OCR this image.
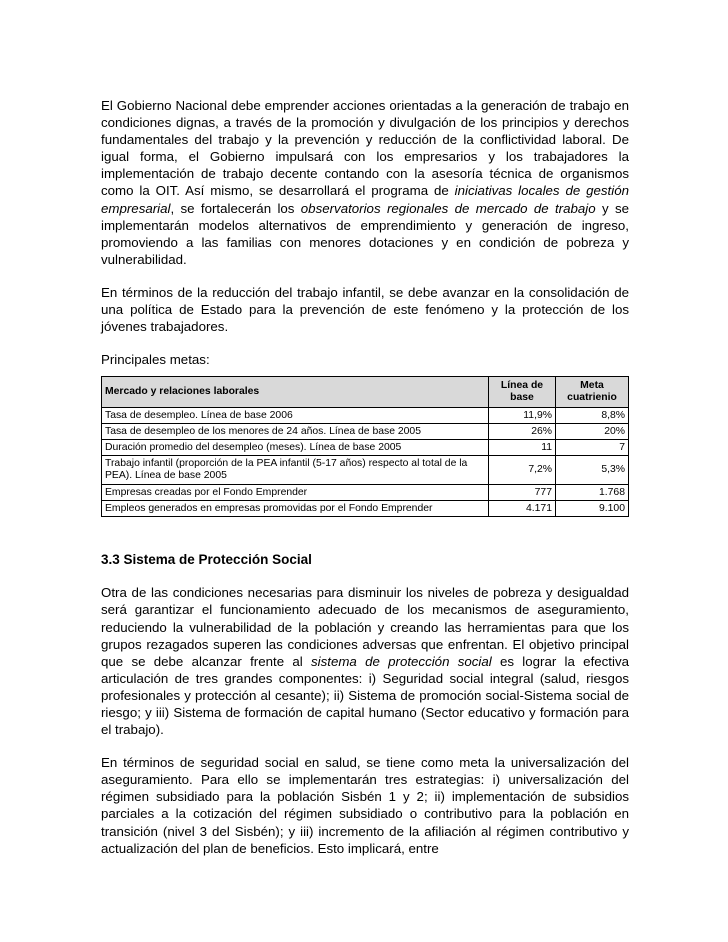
El Gobierno Nacional debe emprender acciones orientadas a la generación de trabajo en condiciones dignas, a través de la promoción y divulgación de los principios y derechos fundamentales del trabajo y la prevención y reducción de la conflictividad laboral. De igual forma, el Gobierno impulsará con los empresarios y los trabajadores la implementación de trabajo decente contando con la asesoría técnica de organismos como la OIT. Así mismo, se desarrollará el programa de iniciativas locales de gestión empresarial, se fortalecerán los observatorios regionales de mercado de trabajo y se implementarán modelos alternativos de emprendimiento y generación de ingreso, promoviendo a las familias con menores dotaciones y en condición de pobreza y vulnerabilidad.

En términos de la reducción del trabajo infantil, se debe avanzar en la consolidación de una política de Estado para la prevención de este fenómeno y la protección de los jóvenes trabajadores.

Principales metas:

Mercado y relaciones laborales	Línea de base	Meta cuatrienio
Tasa de desempleo. Línea de base 2006	11,9%	8,8%
Tasa de desempleo de los menores de 24 años. Línea de base 2005	26%	20%
Duración promedio del desempleo (meses). Línea de base 2005	11	7
Trabajo infantil (proporción de la PEA infantil (5-17 años) respecto al total de la PEA). Línea de base 2005	7,2%	5,3%
Empresas creadas por el Fondo Emprender	777	1.768
Empleos generados en empresas promovidas por el Fondo Emprender	4.171	9.100
3.3 Sistema de Protección Social

Otra de las condiciones necesarias para disminuir los niveles de pobreza y desigualdad será garantizar el funcionamiento adecuado de los mecanismos de aseguramiento, reduciendo la vulnerabilidad de la población y creando las herramientas para que los grupos rezagados superen las condiciones adversas que enfrentan. El objetivo principal que se debe alcanzar frente al sistema de protección social es lograr la efectiva articulación de tres grandes componentes: i) Seguridad social integral (salud, riesgos profesionales y protección al cesante); ii) Sistema de promoción social-Sistema social de riesgo; y iii) Sistema de formación de capital humano (Sector educativo y formación para el trabajo).

En términos de seguridad social en salud, se tiene como meta la universalización del aseguramiento. Para ello se implementarán tres estrategias: i) universalización del régimen subsidiado para la población Sisbén 1 y 2; ii) implementación de subsidios parciales a la cotización del régimen subsidiado o contributivo para la población en transición (nivel 3 del Sisbén); y iii) incremento de la afiliación al régimen contributivo y actualización del plan de beneficios. Esto implicará, entre
